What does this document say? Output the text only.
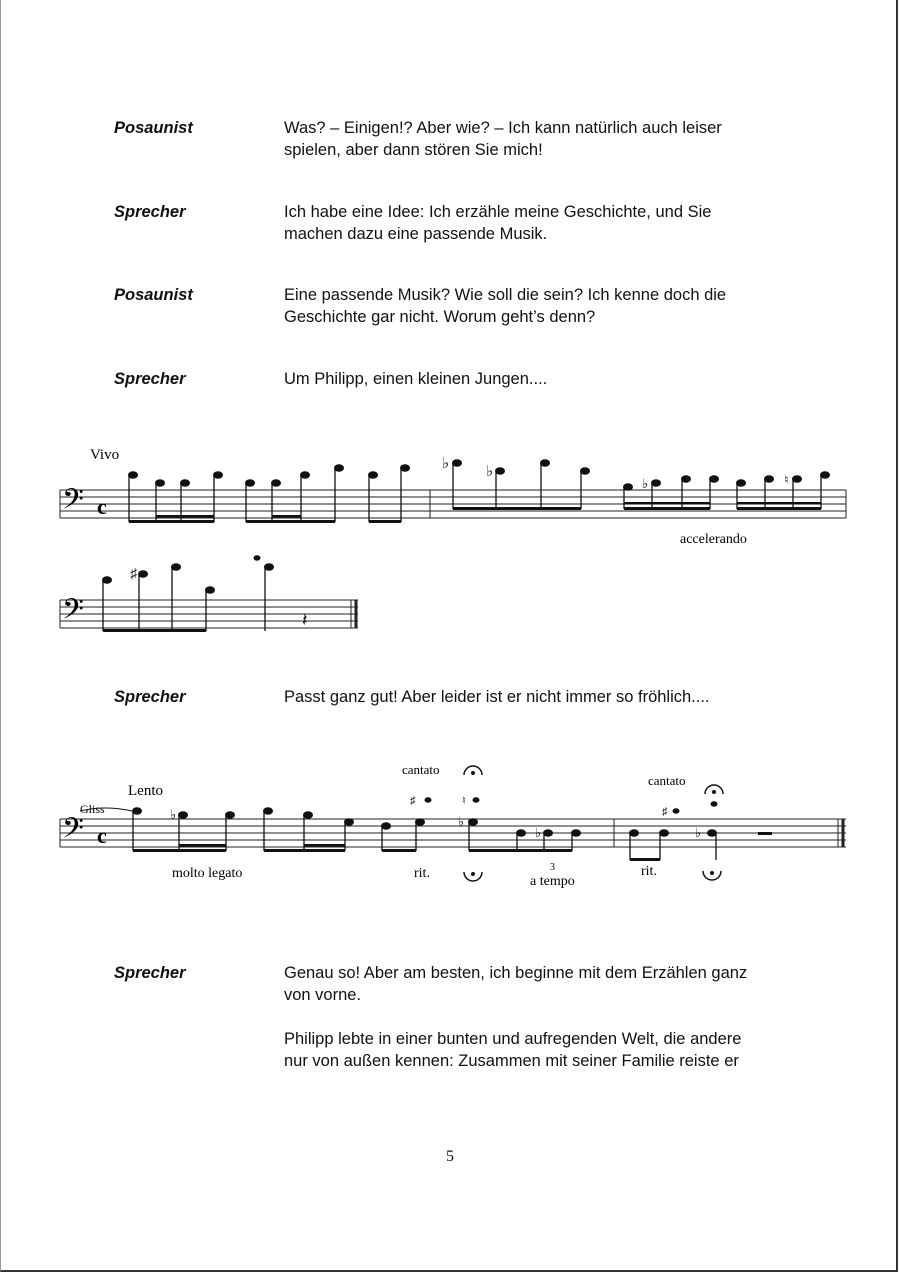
Posaunist	Was? – Einigen!? Aber wie? – Ich kann natürlich auch leiser
spielen, aber dann stören Sie mich!
Sprecher	Ich habe eine Idee: Ich erzähle meine Geschichte, und Sie
machen dazu eine passende Musik.
Posaunist	Eine passende Musik? Wie soll die sein? Ich kenne doch die
Geschichte gar nicht. Worum geht’s denn?
Sprecher	Um Philipp, einen kleinen Jungen....
Vivo
𝄢 c
♭ ♭
♭	♮
accelerando
𝄢
♯
𝄽
Sprecher	Passt ganz gut! Aber leider ist er nicht immer so fröhlich....
Lento
Gliss
𝄢 c
cantato
cantato
♭
♯
♭
♮
♭
♯
♭
molto legato	rit.	rit.
3
a tempo
Sprecher	Genau so! Aber am besten, ich beginne mit dem Erzählen ganz
von vorne.
Philipp lebte in einer bunten und aufregenden Welt, die andere
nur von außen kennen: Zusammen mit seiner Familie reiste er
5
